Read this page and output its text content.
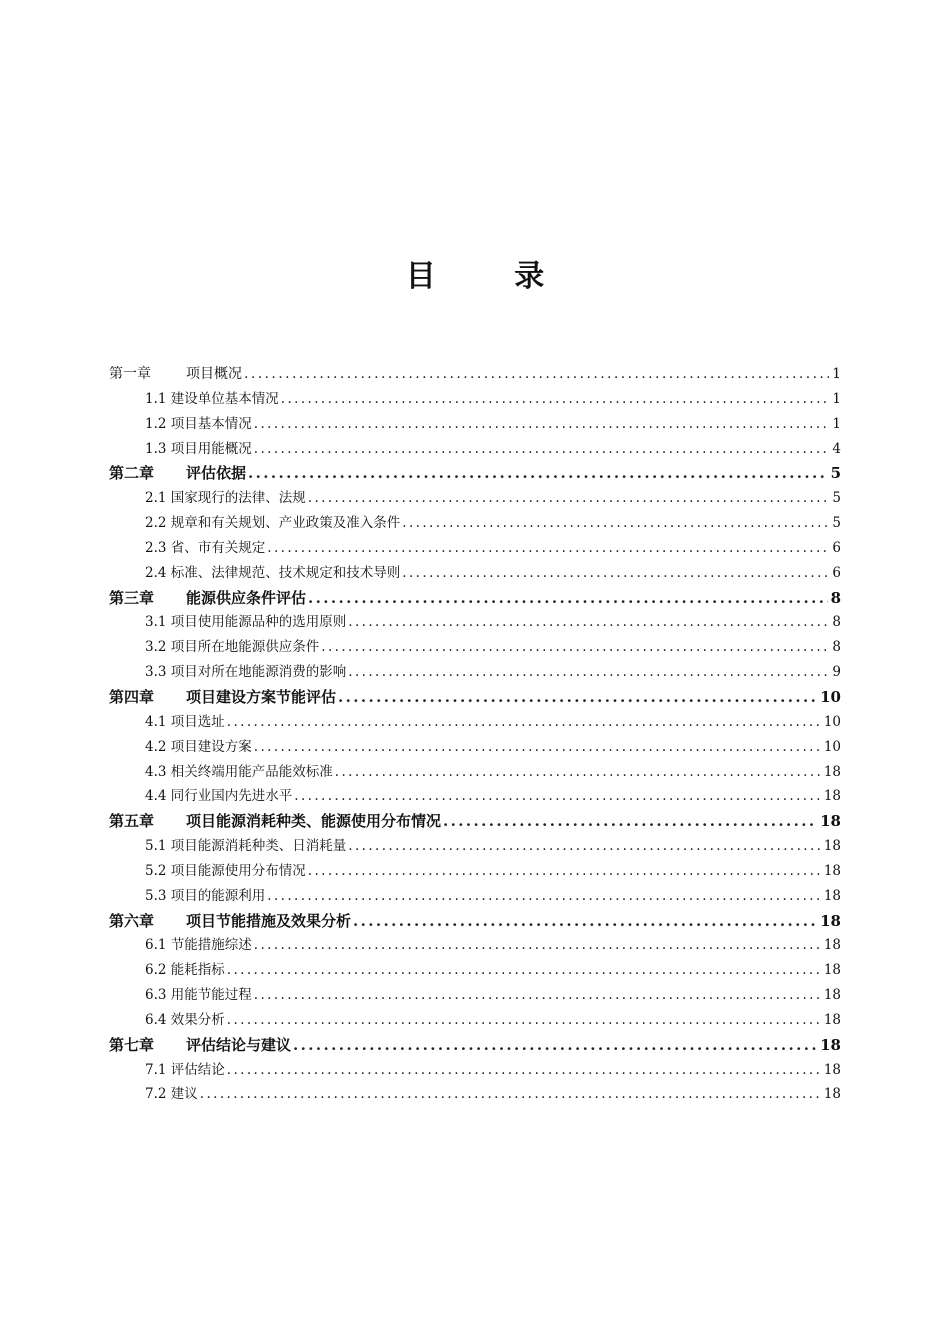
目 录
第一章	项目概况 .....	1
1.1 建设单位基本情况 .....	1
1.2 项目基本情况 .....	1
1.3 项目用能概况 .....	4
第二章 评估依据 .....	5
2.1 国家现行的法律、法规 .....	5
2.2 规章和有关规划、产业政策及准入条件 .....	5
2.3 省、市有关规定 .....	6
2.4 标准、法律规范、技术规定和技术导则 .....	6
第三章 能源供应条件评估 .....	8
3.1 项目使用能源品种的选用原则 .....	8
3.2 项目所在地能源供应条件 .....	8
3.3 项目对所在地能源消费的影响 .....	9
第四章 项目建设方案节能评估 .....	10
4.1 项目选址 .....	10
4.2 项目建设方案 .....	10
4.3 相关终端用能产品能效标准 .....	18
4.4 同行业国内先进水平 .....	18
第五章 项目能源消耗种类、能源使用分布情况 .....	18
5.1 项目能源消耗种类、日消耗量 .....	18
5.2 项目能源使用分布情况 .....	18
5.3 项目的能源利用 .....	18
第六章 项目节能措施及效果分析 .....	18
6.1 节能措施综述 .....	18
6.2 能耗指标 .....	18
6.3 用能节能过程 .....	18
6.4 效果分析 .....	18
第七章 评估结论与建议 .....	18
7.1 评估结论 .....	18
7.2 建议 .....	18
